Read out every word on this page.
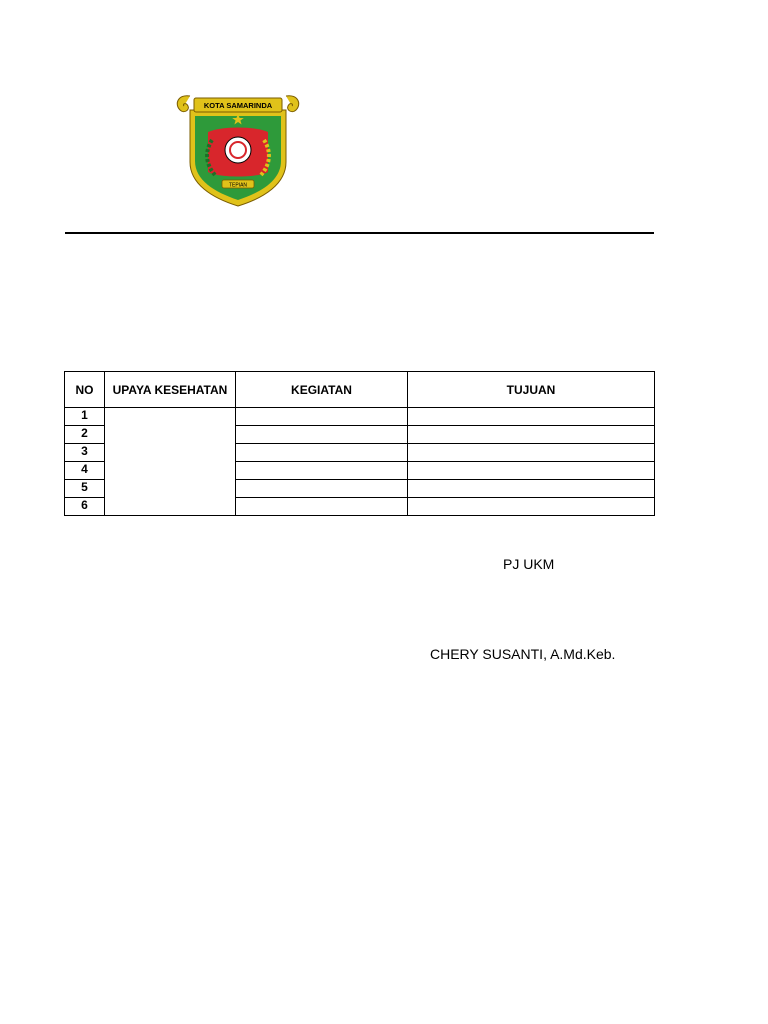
KOTA SAMARINDA
TEPIAN
NO	UPAYA KESEHATAN	KEGIATAN	TUJUAN
1			
2			
3			
4			
5			
6			
PJ UKM
CHERY SUSANTI, A.Md.Keb.
